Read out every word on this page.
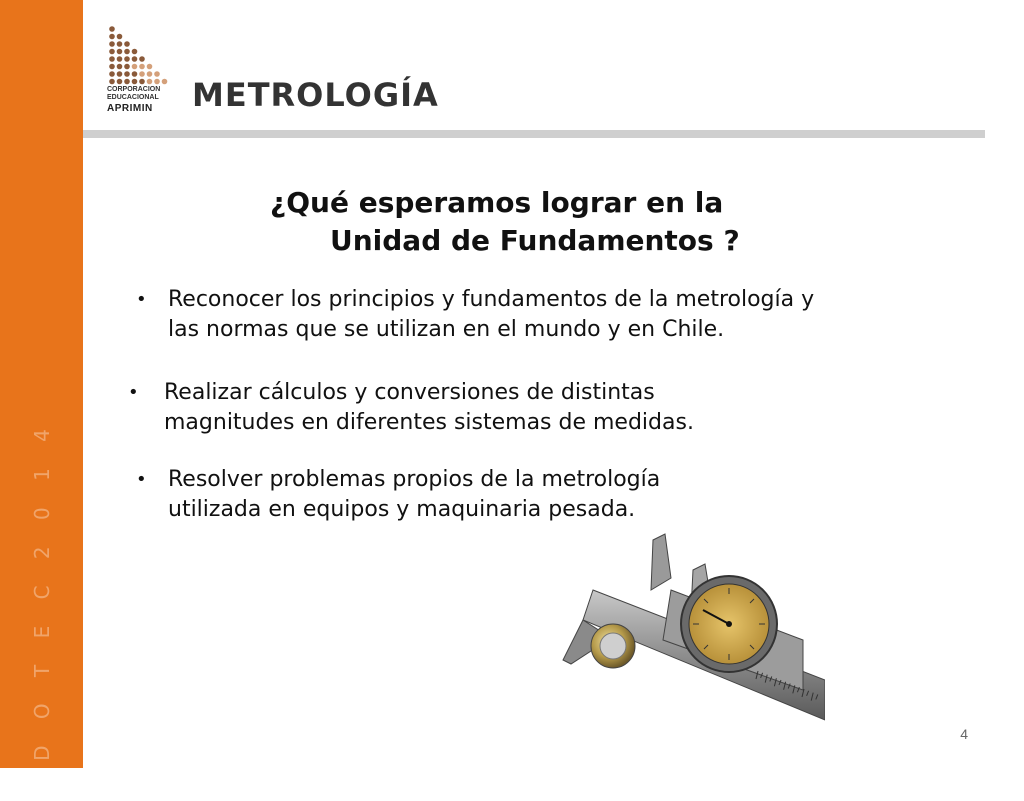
A D O T E C 2 0 1 4
CORPORACION
EDUCACIONAL
APRIMIN METROLOGÍA
¿Qué esperamos lograr en la
Unidad de Fundamentos ?
• Reconocer los principios y fundamentos de la metrología y
las normas que se utilizan en el mundo y en Chile.
• Realizar cálculos y conversiones de distintas
magnitudes en diferentes sistemas de medidas.
• Resolver problemas propios de la metrología
utilizada en equipos y maquinaria pesada.
4
